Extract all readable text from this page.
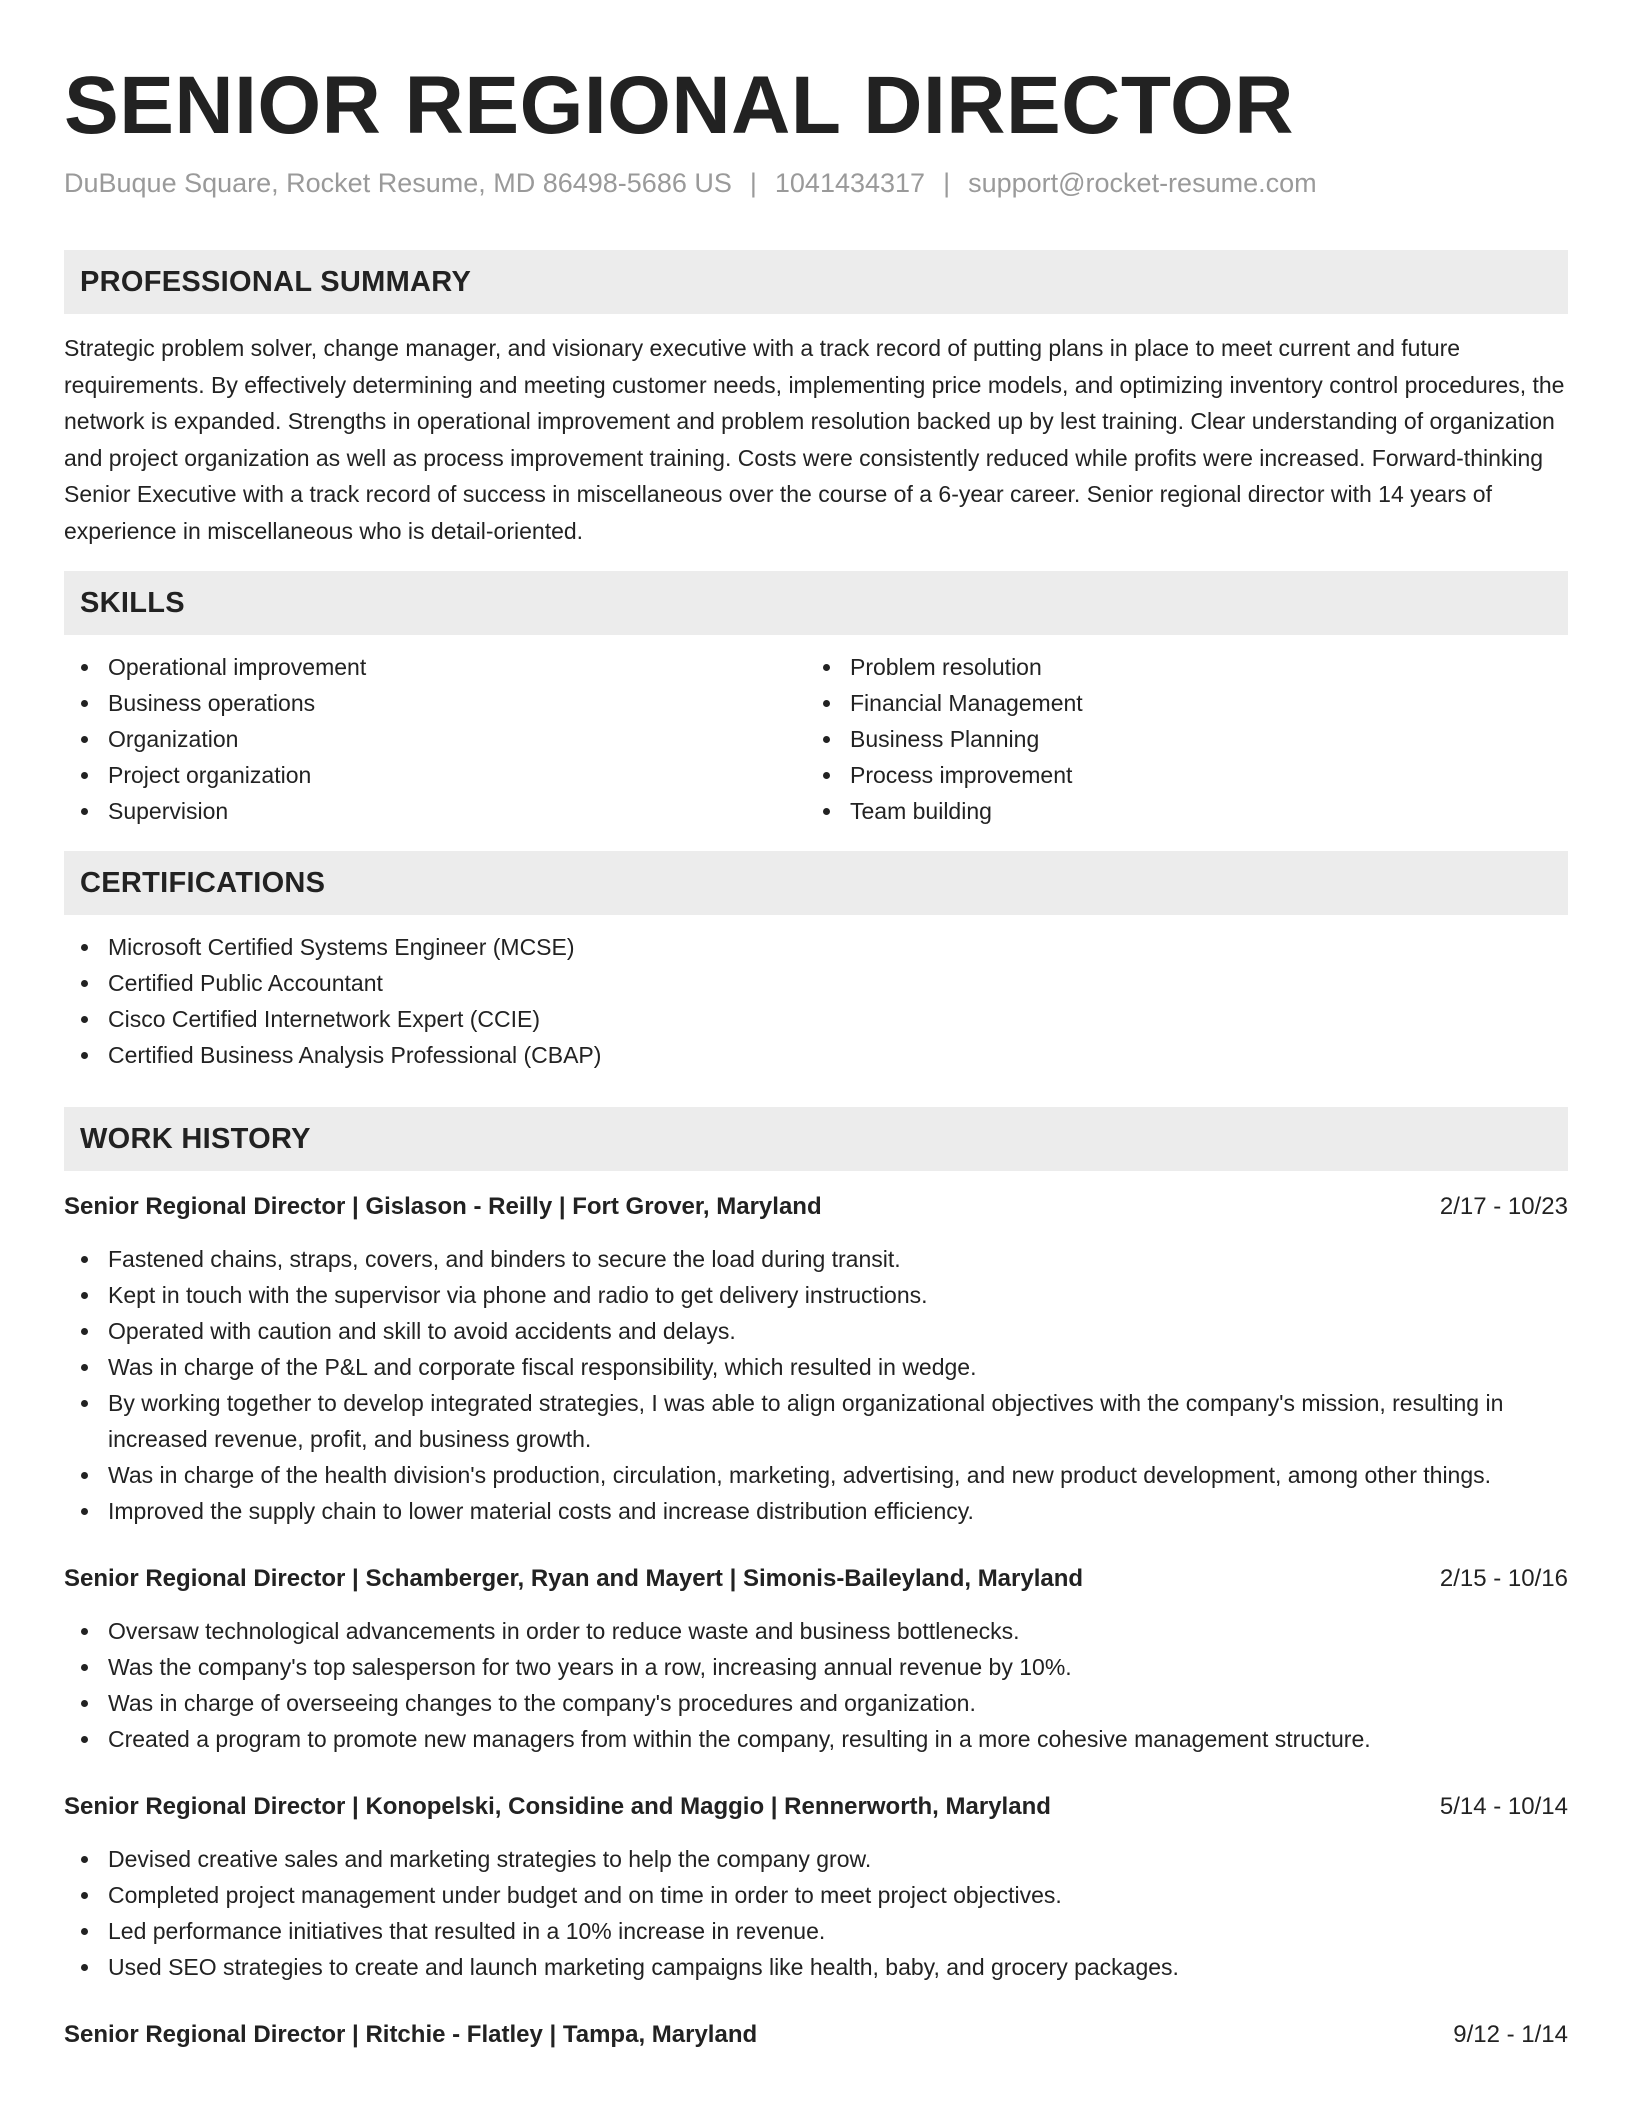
SENIOR REGIONAL DIRECTOR
DuBuque Square, Rocket Resume, MD 86498-5686 US | 1041434317 | support@rocket-resume.com
PROFESSIONAL SUMMARY

Strategic problem solver, change manager, and visionary executive with a track record of putting plans in place to meet current and future requirements. By effectively determining and meeting customer needs, implementing price models, and optimizing inventory control procedures, the network is expanded. Strengths in operational improvement and problem resolution backed up by lest training. Clear understanding of organization and project organization as well as process improvement training. Costs were consistently reduced while profits were increased. Forward-thinking Senior Executive with a track record of success in miscellaneous over the course of a 6-year career. Senior regional director with 14 years of experience in miscellaneous who is detail-oriented.

SKILLS
Operational improvement
Business operations
Organization
Project organization
Supervision
Problem resolution
Financial Management
Business Planning
Process improvement
Team building
CERTIFICATIONS
Microsoft Certified Systems Engineer (MCSE)
Certified Public Accountant
Cisco Certified Internetwork Expert (CCIE)
Certified Business Analysis Professional (CBAP)
WORK HISTORY
Senior Regional Director | Gislason - Reilly | Fort Grover, Maryland	2/17 - 10/23
Fastened chains, straps, covers, and binders to secure the load during transit.
Kept in touch with the supervisor via phone and radio to get delivery instructions.
Operated with caution and skill to avoid accidents and delays.
Was in charge of the P&L and corporate fiscal responsibility, which resulted in wedge.
By working together to develop integrated strategies, I was able to align organizational objectives with the company's mission, resulting in increased revenue, profit, and business growth.
Was in charge of the health division's production, circulation, marketing, advertising, and new product development, among other things.
Improved the supply chain to lower material costs and increase distribution efficiency.
Senior Regional Director | Schamberger, Ryan and Mayert | Simonis-Baileyland, Maryland	2/15 - 10/16
Oversaw technological advancements in order to reduce waste and business bottlenecks.
Was the company's top salesperson for two years in a row, increasing annual revenue by 10%.
Was in charge of overseeing changes to the company's procedures and organization.
Created a program to promote new managers from within the company, resulting in a more cohesive management structure.
Senior Regional Director | Konopelski, Considine and Maggio | Rennerworth, Maryland	5/14 - 10/14
Devised creative sales and marketing strategies to help the company grow.
Completed project management under budget and on time in order to meet project objectives.
Led performance initiatives that resulted in a 10% increase in revenue.
Used SEO strategies to create and launch marketing campaigns like health, baby, and grocery packages.
Senior Regional Director | Ritchie - Flatley | Tampa, Maryland	9/12 - 1/14
